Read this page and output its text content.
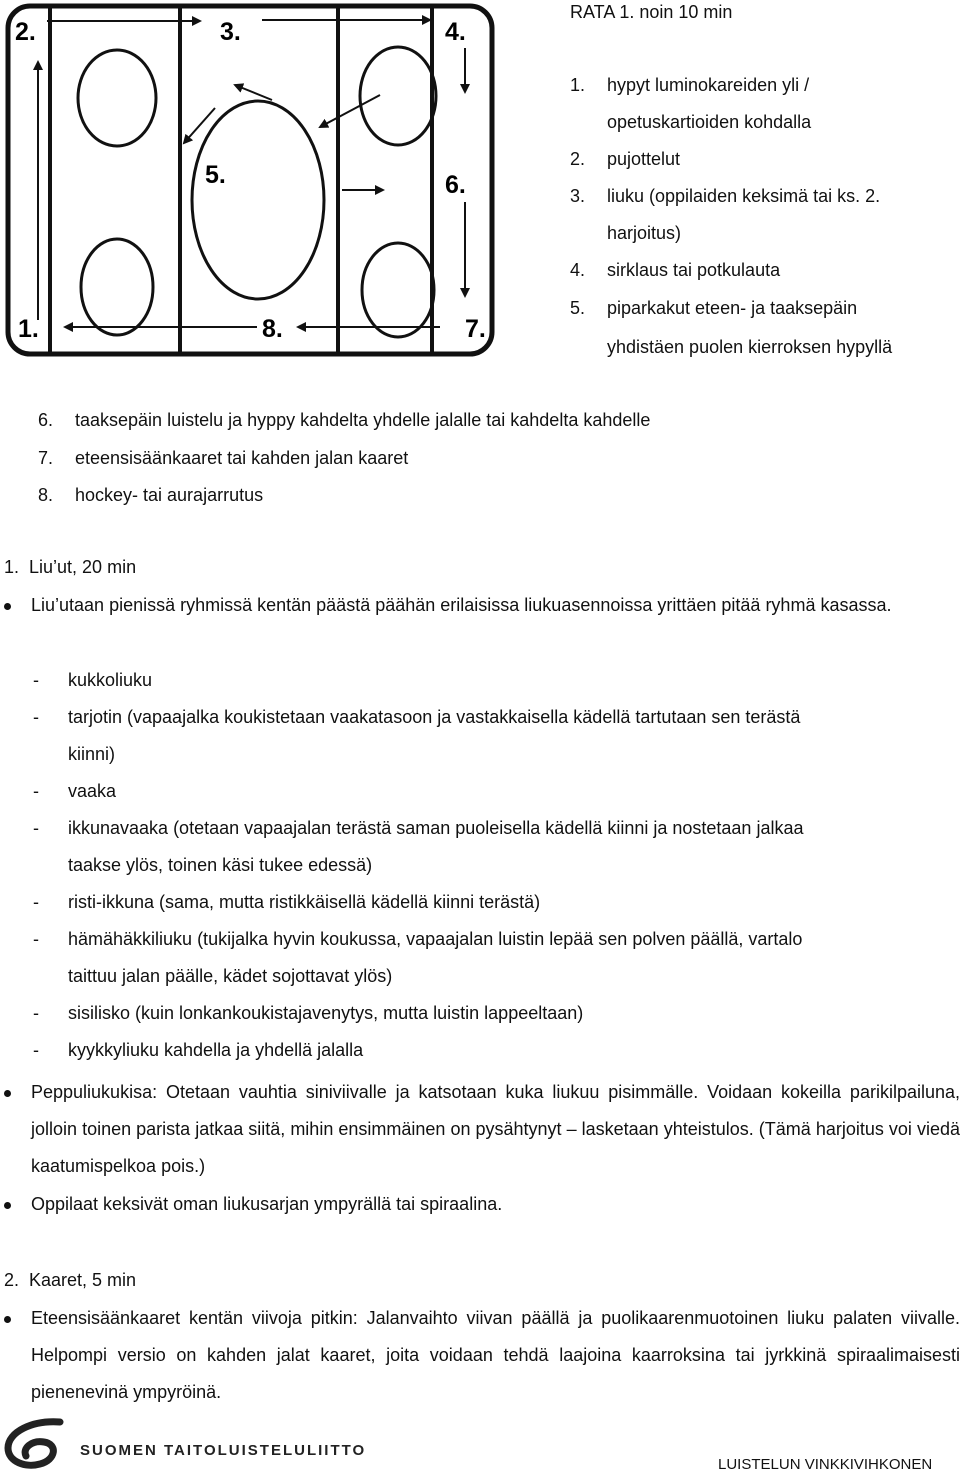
1.
2.	3.	4.
5.	6.
7.
8.
RATA 1. noin 10 min
1. hypyt luminokareiden yli /
opetuskartioiden kohdalla
2. pujottelut
3. liuku (oppilaiden keksimä tai ks. 2.
harjoitus)
4. sirklaus tai potkulauta
5. piparkakut eteen- ja taaksepäin
yhdistäen puolen kierroksen hypyllä
6. taaksepäin luistelu ja hyppy kahdelta yhdelle jalalle tai kahdelta kahdelle
7. eteensisäänkaaret tai kahden jalan kaaret
8. hockey- tai aurajarrutus
1.  Liu’ut, 20 min
Liu’utaan pienissä ryhmissä kentän päästä päähän erilaisissa liukuasennoissa yrittäen pitää ryhmä kasassa.
- kukkoliuku
- tarjotin (vapaajalka koukistetaan vaakatasoon ja vastakkaisella kädellä tartutaan sen terästä
kiinni)
- vaaka
- ikkunavaaka (otetaan vapaajalan terästä saman puoleisella kädellä kiinni ja nostetaan jalkaa
taakse ylös, toinen käsi tukee edessä)
- risti-ikkuna (sama, mutta ristikkäisellä kädellä kiinni terästä)
- hämähäkkiliuku (tukijalka hyvin koukussa, vapaajalan luistin lepää sen polven päällä, vartalo
taittuu jalan päälle, kädet sojottavat ylös)
- sisilisko (kuin lonkankoukistajavenytys, mutta luistin lappeeltaan)
- kyykkyliuku kahdella ja yhdellä jalalla
Peppuliukukisa: Otetaan vauhtia siniviivalle ja katsotaan kuka liukuu pisimmälle. Voidaan kokeilla parikilpailuna, jolloin toinen parista jatkaa siitä, mihin ensimmäinen on pysähtynyt – lasketaan yhteistulos. (Tämä harjoitus voi viedä kaatumispelkoa pois.)
Oppilaat keksivät oman liukusarjan ympyrällä tai spiraalina.
2.  Kaaret, 5 min
Eteensisäänkaaret kentän viivoja pitkin: Jalanvaihto viivan päällä ja puolikaarenmuotoinen liuku palaten viivalle. Helpompi versio on kahden jalat kaaret, joita voidaan tehdä laajoina kaarroksina tai jyrkkinä spiraalimaisesti pienenevinä ympyröinä.
SUOMEN TAITOLUISTELULIITTO
LUISTELUN VINKKIVIHKONEN
